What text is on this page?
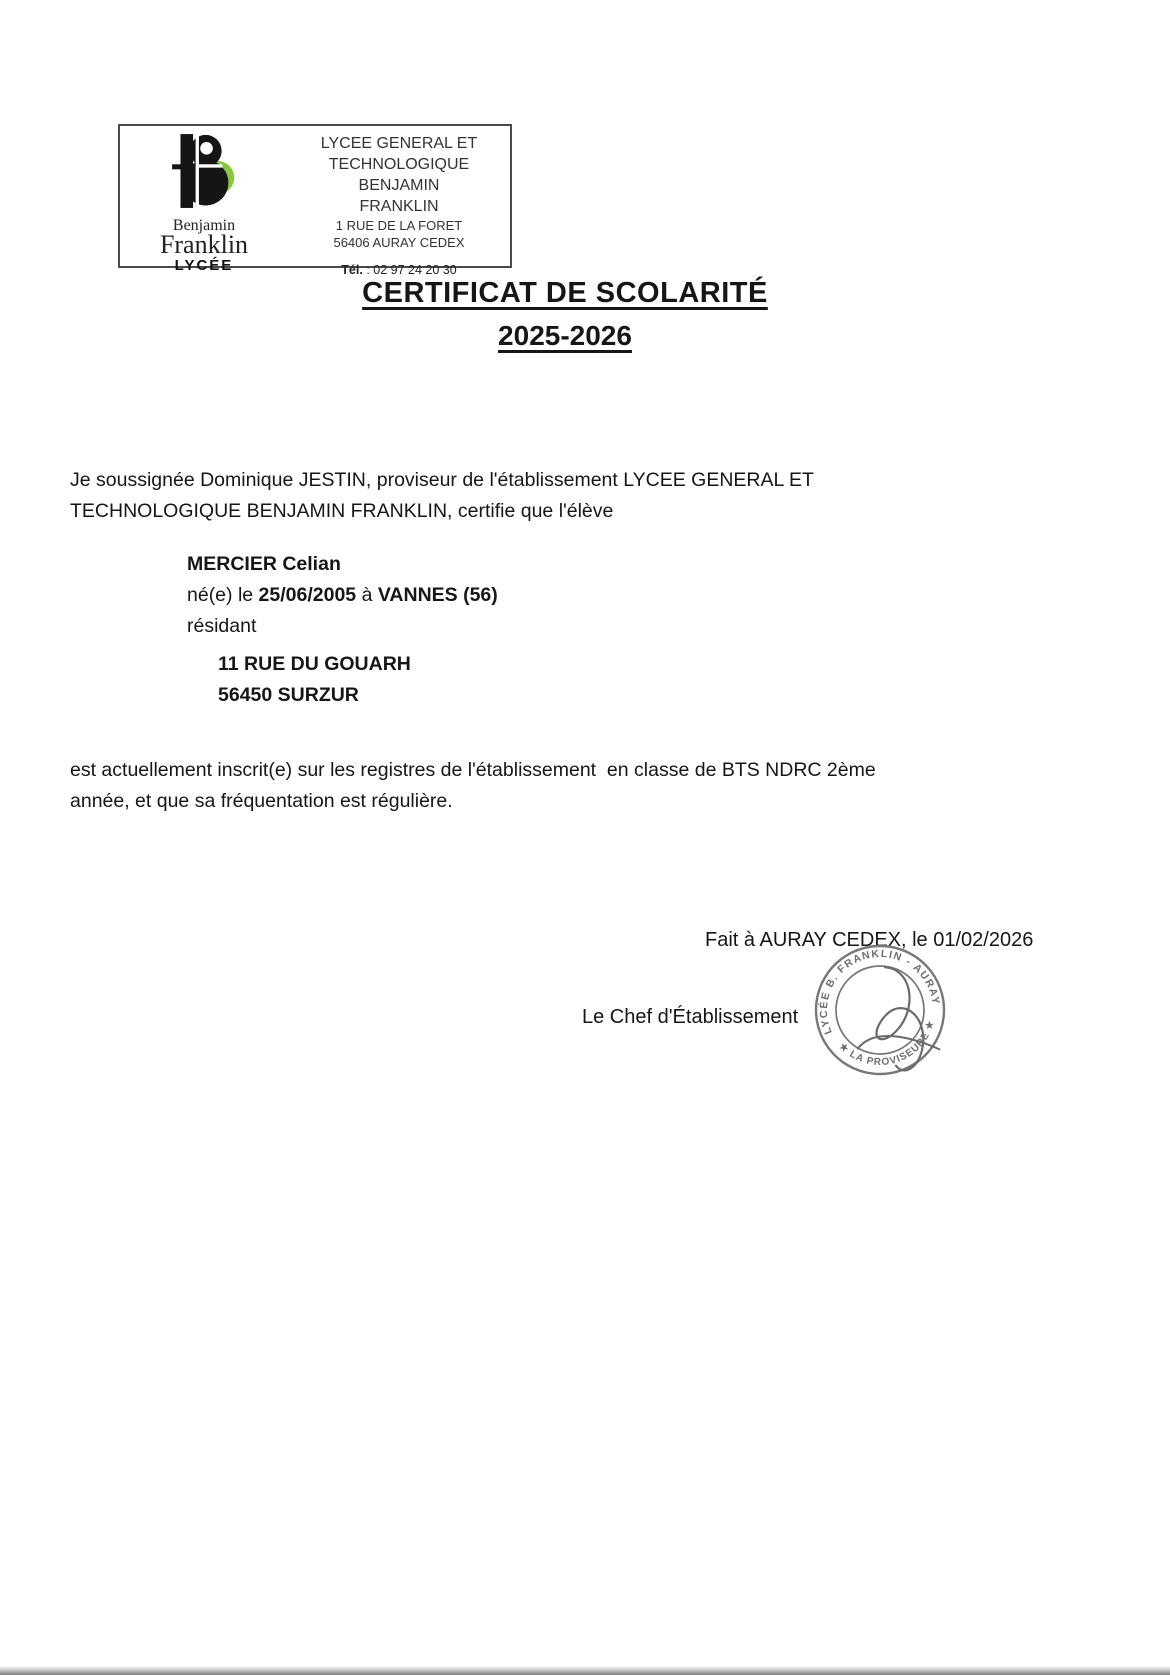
Benjamin
Franklin
LYCÉE
LYCEE GENERAL ET
TECHNOLOGIQUE BENJAMIN
FRANKLIN
1 RUE DE LA FORET
56406 AURAY CEDEX
Tél. : 02 97 24 20 30
CERTIFICAT DE SCOLARITÉ
2025-2026
Je soussignée Dominique JESTIN, proviseur de l'établissement LYCEE GENERAL ET
TECHNOLOGIQUE BENJAMIN FRANKLIN, certifie que l'élève
MERCIER Celian
né(e) le 25/06/2005 à VANNES (56)
résidant
11 RUE DU GOUARH
56450 SURZUR
est actuellement inscrit(e) sur les registres de l'établissement  en classe de BTS NDRC 2ème
année, et que sa fréquentation est régulière.
Fait à AURAY CEDEX, le 01/02/2026
Le Chef d'Établissement
LYCÉE B. FRANKLIN - AURAY
★ LA PROVISEURE ★
